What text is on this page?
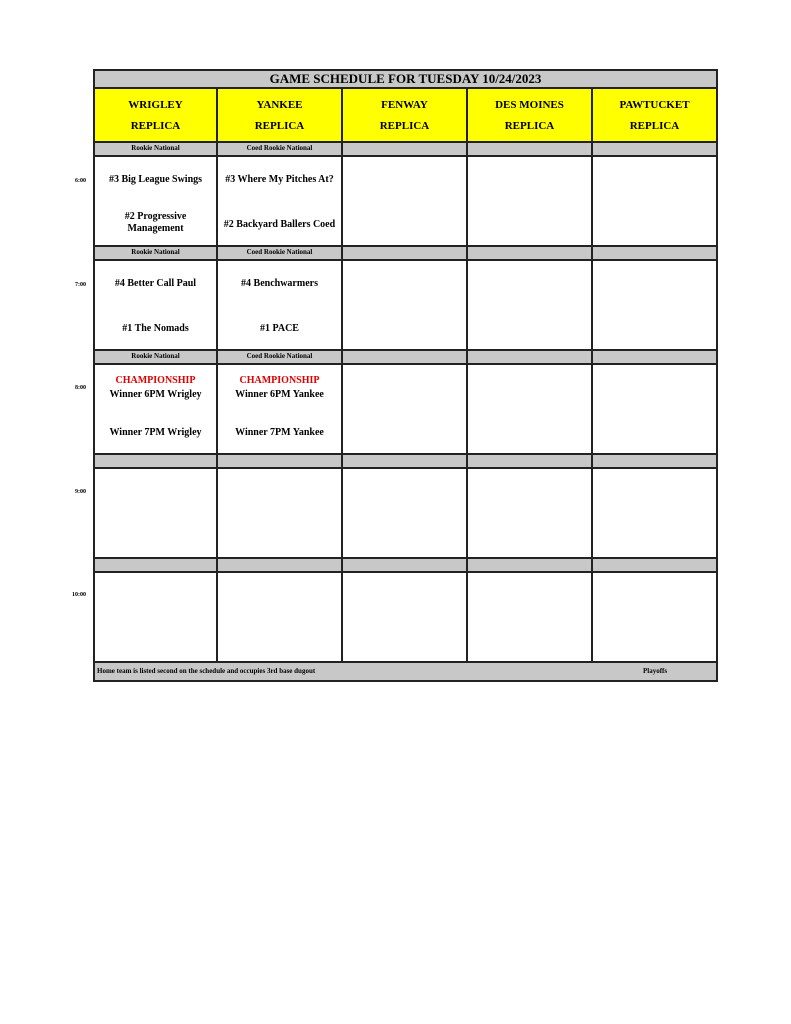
GAME SCHEDULE FOR TUESDAY 10/24/2023
Home team is listed second on the schedule and occupies 3rd base dugout	Playoffs
WRIGLEY
REPLICA
YANKEE
REPLICA
FENWAY
REPLICA
DES MOINES
REPLICA
PAWTUCKET
REPLICA
Rookie National
#3 Big League Swings
#2 Progressive Management
Coed Rookie National
#3 Where My Pitches At?
#2 Backyard Ballers Coed
Rookie National
#4 Better Call Paul
#1 The Nomads
Coed Rookie National
#4 Benchwarmers
#1 PACE
Rookie National
CHAMPIONSHIP
Winner 6PM Wrigley
Winner 7PM Wrigley
Coed Rookie National
CHAMPIONSHIP
Winner 6PM Yankee
Winner 7PM Yankee
6:00
7:00
8:00
9:00
10:00
